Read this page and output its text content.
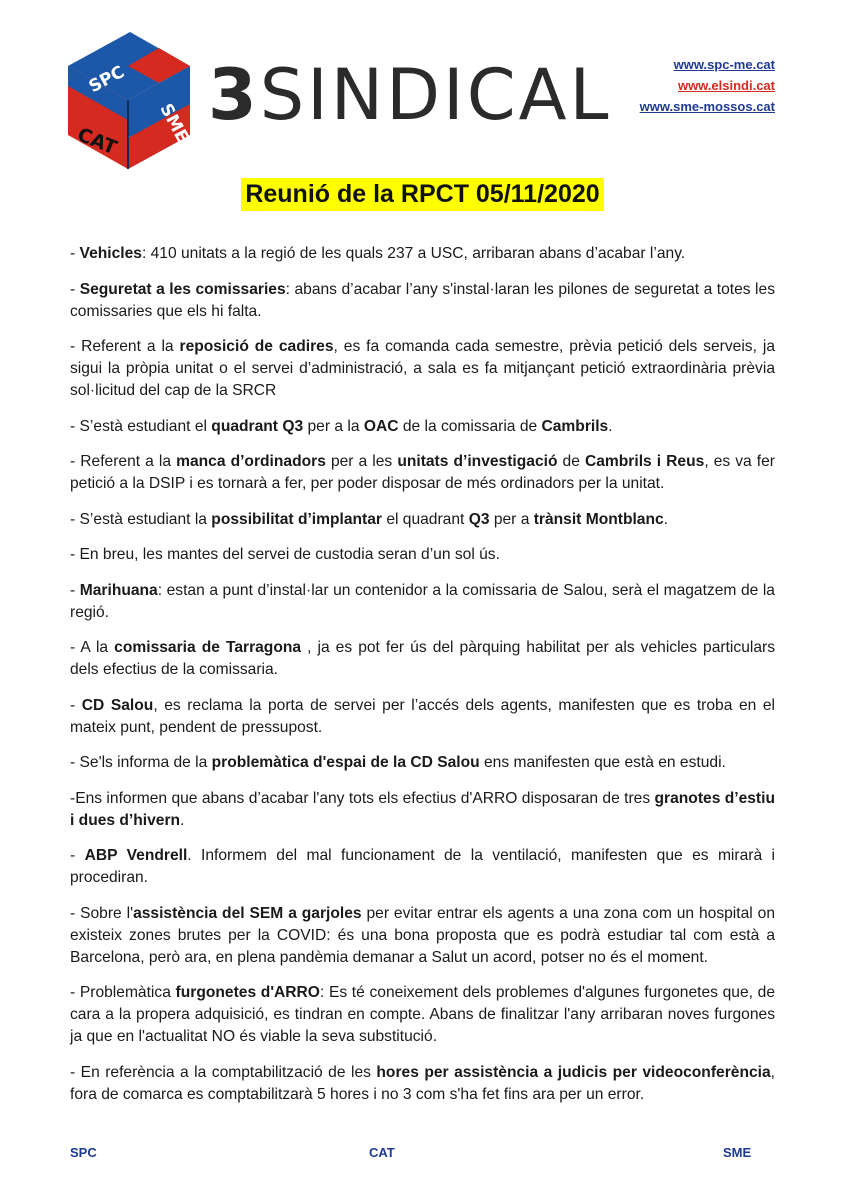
SPC
SME
CAT
3SINDICAL	www.spc-me.cat
www.elsindi.cat
www.sme-mossos.cat
Reunió de la RPCT 05/11/2020

- Vehicles: 410 unitats a la regió de les quals 237 a USC, arribaran abans d’acabar l’any.

- Seguretat a les comissaries: abans d’acabar l’any s'instal·laran les pilones de seguretat a totes les comissaries que els hi falta.

- Referent a la reposició de cadires, es fa comanda cada semestre, prèvia petició dels serveis, ja sigui la pròpia unitat o el servei d’administració, a sala es fa mitjançant petició extraordinària prèvia sol·licitud del cap de la SRCR

- S’està estudiant el quadrant Q3 per a la OAC de la comissaria de Cambrils.

- Referent a la manca d’ordinadors per a les unitats d’investigació de Cambrils i Reus, es va fer petició a la DSIP i es tornarà a fer, per poder disposar de més ordinadors per la unitat.

- S’està estudiant la possibilitat d’implantar el quadrant Q3 per a trànsit Montblanc.

- En breu, les mantes del servei de custodia seran d’un sol ús.

- Marihuana: estan a punt d’instal·lar un contenidor a la comissaria de Salou, serà el magatzem de la regió.

- A la comissaria de Tarragona , ja es pot fer ús del pàrquing habilitat per als vehicles particulars dels efectius de la comissaria.

- CD Salou, es reclama la porta de servei per l’accés dels agents, manifesten que es troba en el mateix punt, pendent de pressupost.

- Se'ls informa de la problemàtica d'espai de la CD Salou ens manifesten que està en estudi.

-Ens informen que abans d’acabar l'any tots els efectius d'ARRO disposaran de tres granotes d’estiu i dues d’hivern.

- ABP Vendrell. Informem del mal funcionament de la ventilació, manifesten que es mirarà i procediran.

- Sobre l'assistència del SEM a garjoles per evitar entrar els agents a una zona com un hospital on existeix zones brutes per la COVID: és una bona proposta que es podrà estudiar tal com està a Barcelona, però ara, en plena pandèmia demanar a Salut un acord, potser no és el moment.

- Problemàtica furgonetes d'ARRO: Es té coneixement dels problemes d'algunes furgonetes que, de cara a la propera adquisició, es tindran en compte. Abans de finalitzar l'any arribaran noves furgones ja que en l'actualitat NO és viable la seva substitució.

- En referència a la comptabilització de les hores per assistència a judicis per videoconferència, fora de comarca es comptabilitzarà 5 hores i no 3 com s'ha fet fins ara per un error.

SPC	CAT	SME
